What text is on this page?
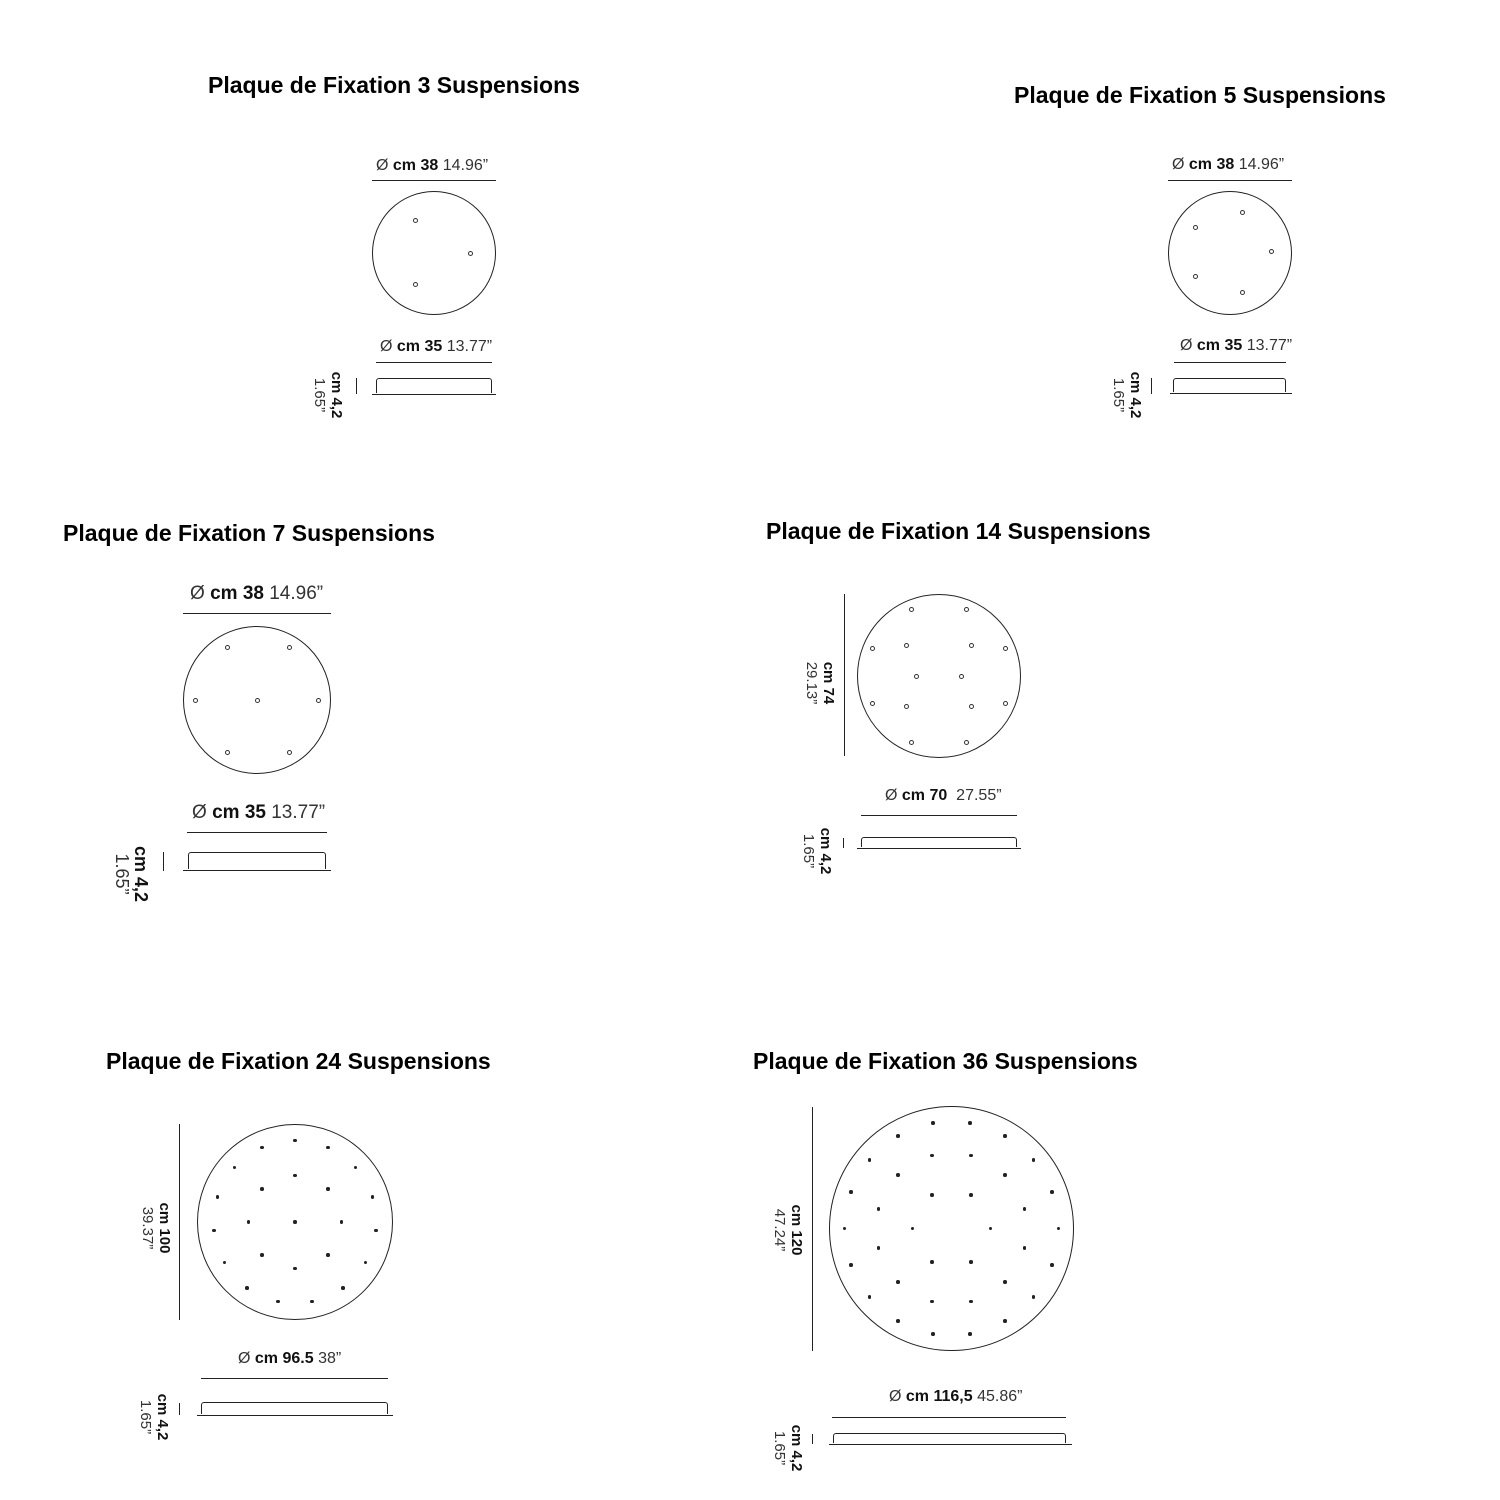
Plaque de Fixation 3 Suspensions
Ø cm 38 14.96”
Ø cm 35 13.77”
cm 4,2
1.65”
Plaque de Fixation 5 Suspensions
Ø cm 38 14.96”
Ø cm 35 13.77”
cm 4,2
1.65”
Plaque de Fixation 7 Suspensions
Ø cm 38 14.96”
Ø cm 35 13.77”
cm 4,2
1.65”
Plaque de Fixation 14 Suspensions
cm 74
29.13”
Ø cm 70 27.55”
cm 4,2
1.65”
Plaque de Fixation 24 Suspensions
cm 100
39.37”
Ø cm 96.5 38”
cm 4,2
1.65”
Plaque de Fixation 36 Suspensions
cm 120
47.24”
Ø cm 116,5 45.86”
cm 4,2
1.65”
